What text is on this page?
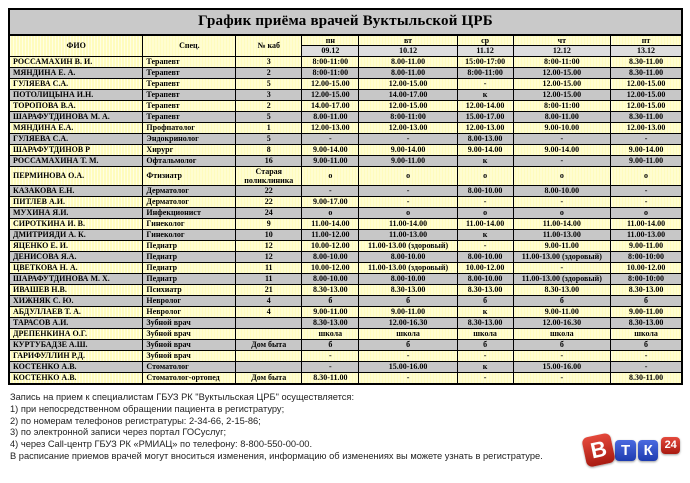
График приёма врачей Вуктыльской ЦРБ							
ФИО	Спец.	№ каб	пн	вт	ср	чт	пт
			09.12	10.12	11.12	12.12	13.12
РОССАМАХИН В. И.	Терапевт	3	8:00-11:00	8.00-11.00	15:00-17:00	8:00-11:00	8.30-11.00
МЯНДИНА Е. А.	Терапевт	2	8:00-11:00	8.00-11.00	8:00-11:00	12.00-15.00	8.30-11.00
ГУЛЯЕВА С.А.	Терапевт	5	12.00-15.00	12.00-15.00	-	12.00-15.00	12.00-15.00
ПОТОЛИЦЫНА И.Н.	Терапевт	3	12.00-15.00	14.00-17.00	к	12.00-15.00	12.00-15.00
ТОРОПОВА В.А.	Терапевт	2	14.00-17.00	12.00-15.00	12.00-14.00	8:00-11:00	12.00-15.00
ШАРАФУТДИНОВА М. А.	Терапевт	5	8.00-11.00	8:00-11:00	15.00-17.00	8.00-11.00	8.30-11.00
МЯНДИНА Е.А.	Профпатолог	1	12.00-13.00	12.00-13.00	12.00-13.00	9.00-10.00	12.00-13.00
ГУЛЯЕВА С.А.	Эндокринолог	5	-	-	8.00-13.00	-	-
ШАРАФУТДИНОВ Р	Хирург	8	9.00-14.00	9.00-14.00	9.00-14.00	9.00-14.00	9.00-14.00
РОССАМАХИНА Т. М.	Офтальмолог	16	9.00-11.00	9.00-11.00	к	-	9.00-11.00
ПЕРМИНОВА О.А.	Фтизиатр	Старая поликлиника	о	о	о	о	о
КАЗАКОВА Е.Н.	Дерматолог	22	-	-	8.00-10.00	8.00-10.00	-
ПИТЛЕВ А.И.	Дерматолог	22	9.00-17.00	-	-	-	-
МУХИНА Я.И.	Инфекционист	24	о	о	о	о	о
СИРОТКИНА И. В.	Гинеколог	9	11.00-14.00	11.00-14.00	11.00-14.00	11.00-14.00	11.00-14.00
ДМИТРИЯДИ А. К.	Гинеколог	10	11.00-12.00	11.00-13.00	к	11.00-13.00	11.00-13.00
ЯЦЕНКО Е. И.	Педиатр	12	10.00-12.00	11.00-13.00 (здоровый)	-	9.00-11.00	9.00-11.00
ДЕНИСОВА Я.А.	Педиатр	12	8.00-10.00	8.00-10.00	8.00-10.00	11.00-13.00 (здоровый)	8:00-10:00
ЦВЕТКОВА Н. А.	Педиатр	11	10.00-12.00	11.00-13.00 (здоровый)	10.00-12.00	-	10.00-12.00
ШАРАФУТДИНОВА М. Х.	Педиатр	11	8.00-10.00	8.00-10.00	8.00-10.00	11.00-13.00 (здоровый)	8:00-10:00
ИВАШЕВ Н.В.	Психиатр	21	8.30-13.00	8.30-13.00	8.30-13.00	8.30-13.00	8.30-13.00
ХИЖНЯК С. Ю.	Невролог	4	б	б	б	б	б
АБДУЛЛАЕВ Т. А.	Невролог	4	9.00-11.00	9.00-11.00	к	9.00-11.00	9.00-11.00
ТАРАСОВ А.И.	Зубной врач		8.30-13.00	12.00-16.30	8.30-13.00	12.00-16.30	8.30-13.00
ДРЕПЕНКИНА О.Г.	Зубной врач		школа	школа	школа	школа	школа
КУРТУБАДЗЕ А.Ш.	Зубной врач	Дом быта	б	б	б	б	б
ГАРИФУЛЛИН Р.Д.	Зубной врач		-	-	-	-	-
КОСТЕНКО А.В.	Стоматолог		-	15.00-16.00	к	15.00-16.00	-
КОСТЕНКО А.В.	Стоматолог-ортопед	Дом быта	8.30-11.00	-	-	-	8.30-11.00
Запись на прием к специалистам ГБУЗ РК "Вуктыльская ЦРБ" осуществляется:
1) при непосредственном обращении пациента в регистратуру;
2) по номерам телефонов регистратуры: 2-34-66, 2-15-86;
3) по электронной записи через портал ГОСуслуг;
4) через Call-центр ГБУЗ РК «РМИАЦ» по телефону: 8-800-550-00-00.
В расписание приемов врачей могут вноситься изменения, информацию об изменениях вы можете узнать в регистратуре.	В Т К	24
